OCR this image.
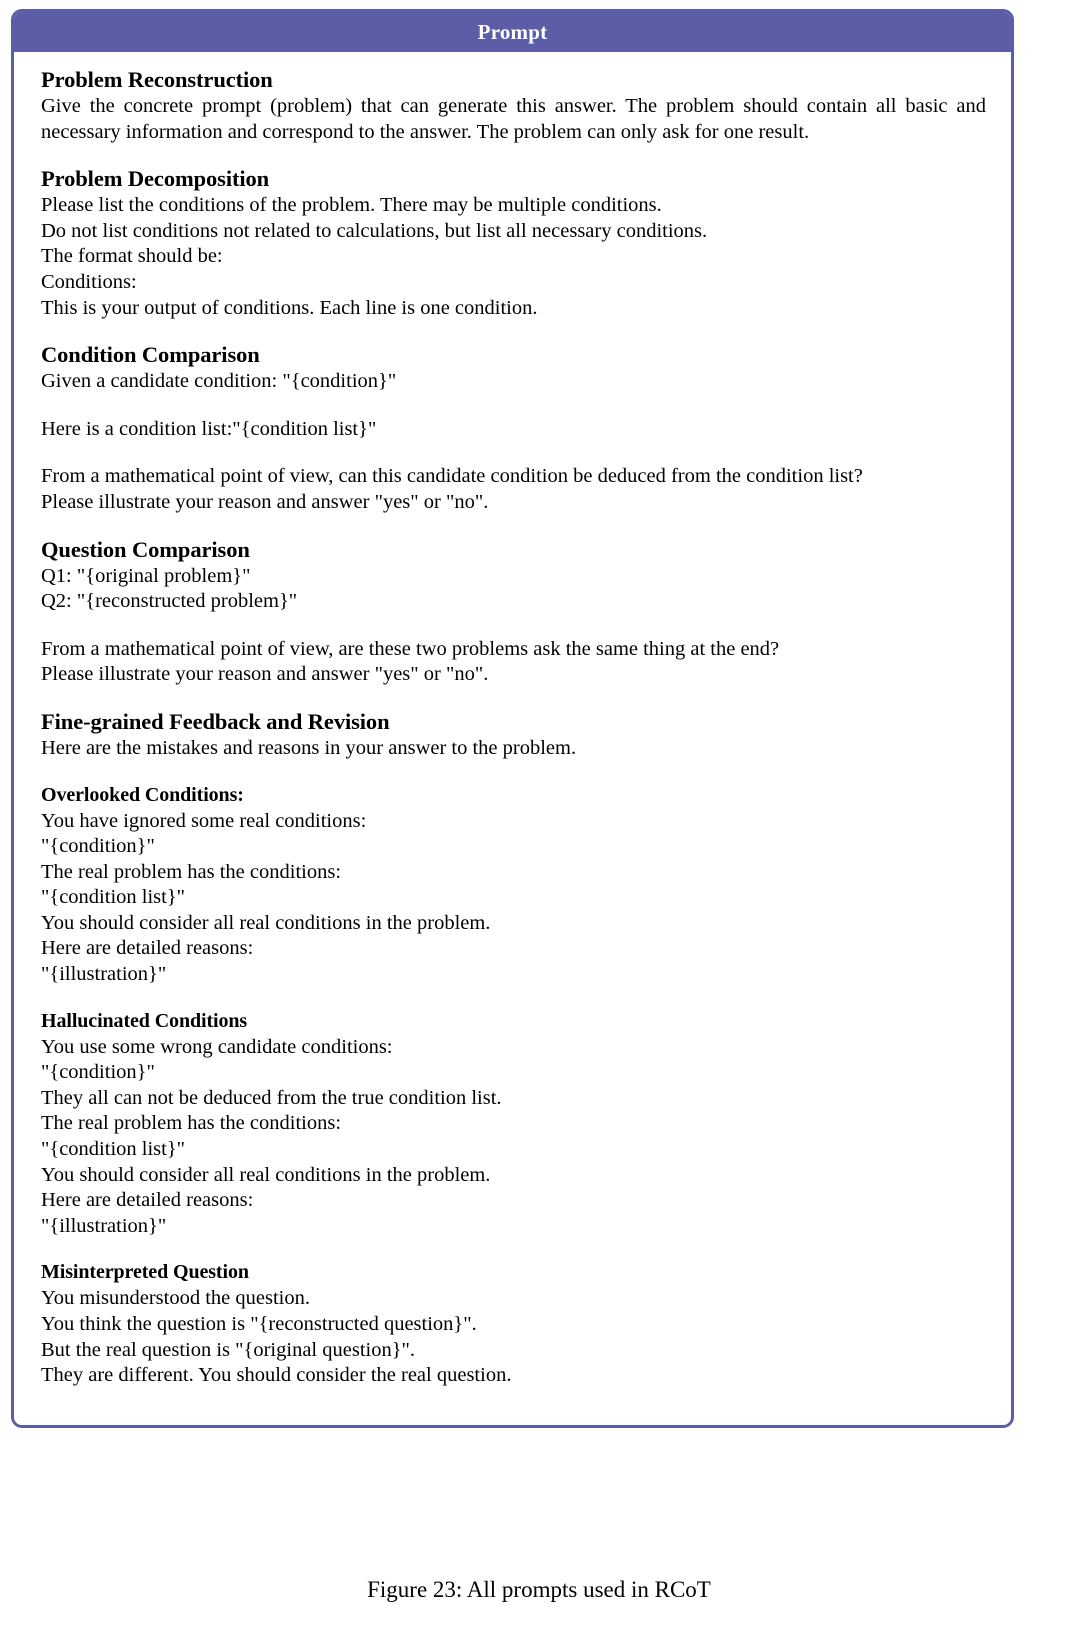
Prompt
Problem Reconstruction

Give the concrete prompt (problem) that can generate this answer. The problem should contain all basic and necessary information and correspond to the answer. The problem can only ask for one result.

Problem Decomposition

Please list the conditions of the problem. There may be multiple conditions.

Do not list conditions not related to calculations, but list all necessary conditions.

The format should be:

Conditions:

This is your output of conditions. Each line is one condition.

Condition Comparison

Given a candidate condition: "{condition}"

Here is a condition list:"{condition list}"

From a mathematical point of view, can this candidate condition be deduced from the condition list?

Please illustrate your reason and answer "yes" or "no".

Question Comparison

Q1: "{original problem}"

Q2: "{reconstructed problem}"

From a mathematical point of view, are these two problems ask the same thing at the end?

Please illustrate your reason and answer "yes" or "no".

Fine-grained Feedback and Revision

Here are the mistakes and reasons in your answer to the problem.

Overlooked Conditions:

You have ignored some real conditions:

"{condition}"

The real problem has the conditions:

"{condition list}"

You should consider all real conditions in the problem.

Here are detailed reasons:

"{illustration}"

Hallucinated Conditions

You use some wrong candidate conditions:

"{condition}"

They all can not be deduced from the true condition list.

The real problem has the conditions:

"{condition list}"

You should consider all real conditions in the problem.

Here are detailed reasons:

"{illustration}"

Misinterpreted Question

You misunderstood the question.

You think the question is "{reconstructed question}".

But the real question is "{original question}".

They are different. You should consider the real question.

Figure 23: All prompts used in RCoT
